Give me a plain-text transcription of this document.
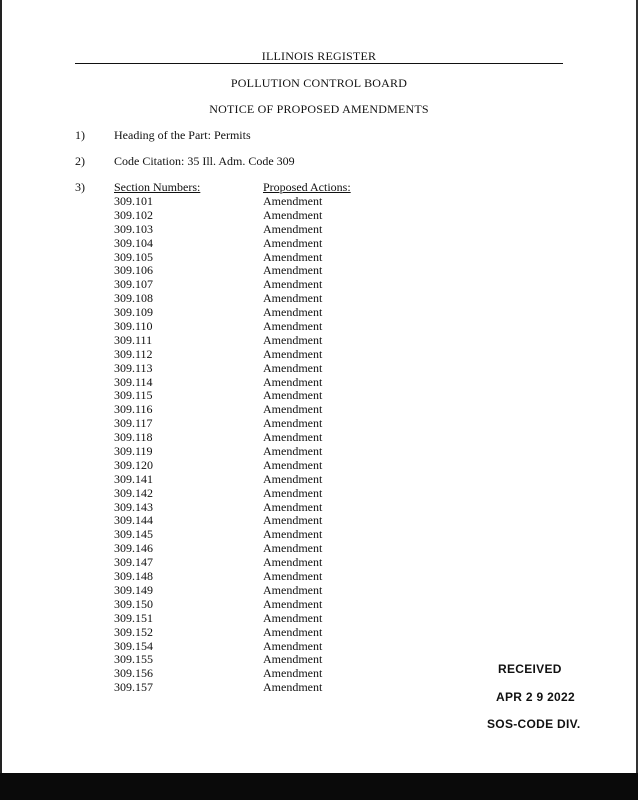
ILLINOIS REGISTER
POLLUTION CONTROL BOARD
NOTICE OF PROPOSED AMENDMENTS
1) Heading of the Part: Permits
2) Code Citation: 35 Ill. Adm. Code 309
3) Section Numbers:	Proposed Actions:
309.101	Amendment
309.102	Amendment
309.103	Amendment
309.104	Amendment
309.105	Amendment
309.106	Amendment
309.107	Amendment
309.108	Amendment
309.109	Amendment
309.110	Amendment
309.111	Amendment
309.112	Amendment
309.113	Amendment
309.114	Amendment
309.115	Amendment
309.116	Amendment
309.117	Amendment
309.118	Amendment
309.119	Amendment
309.120	Amendment
309.141	Amendment
309.142	Amendment
309.143	Amendment
309.144	Amendment
309.145	Amendment
309.146	Amendment
309.147	Amendment
309.148	Amendment
309.149	Amendment
309.150	Amendment
309.151	Amendment
309.152	Amendment
309.154	Amendment
309.155	Amendment
309.156	Amendment
309.157	Amendment
RECEIVED
APR 2 9 2022
SOS-CODE DIV.
